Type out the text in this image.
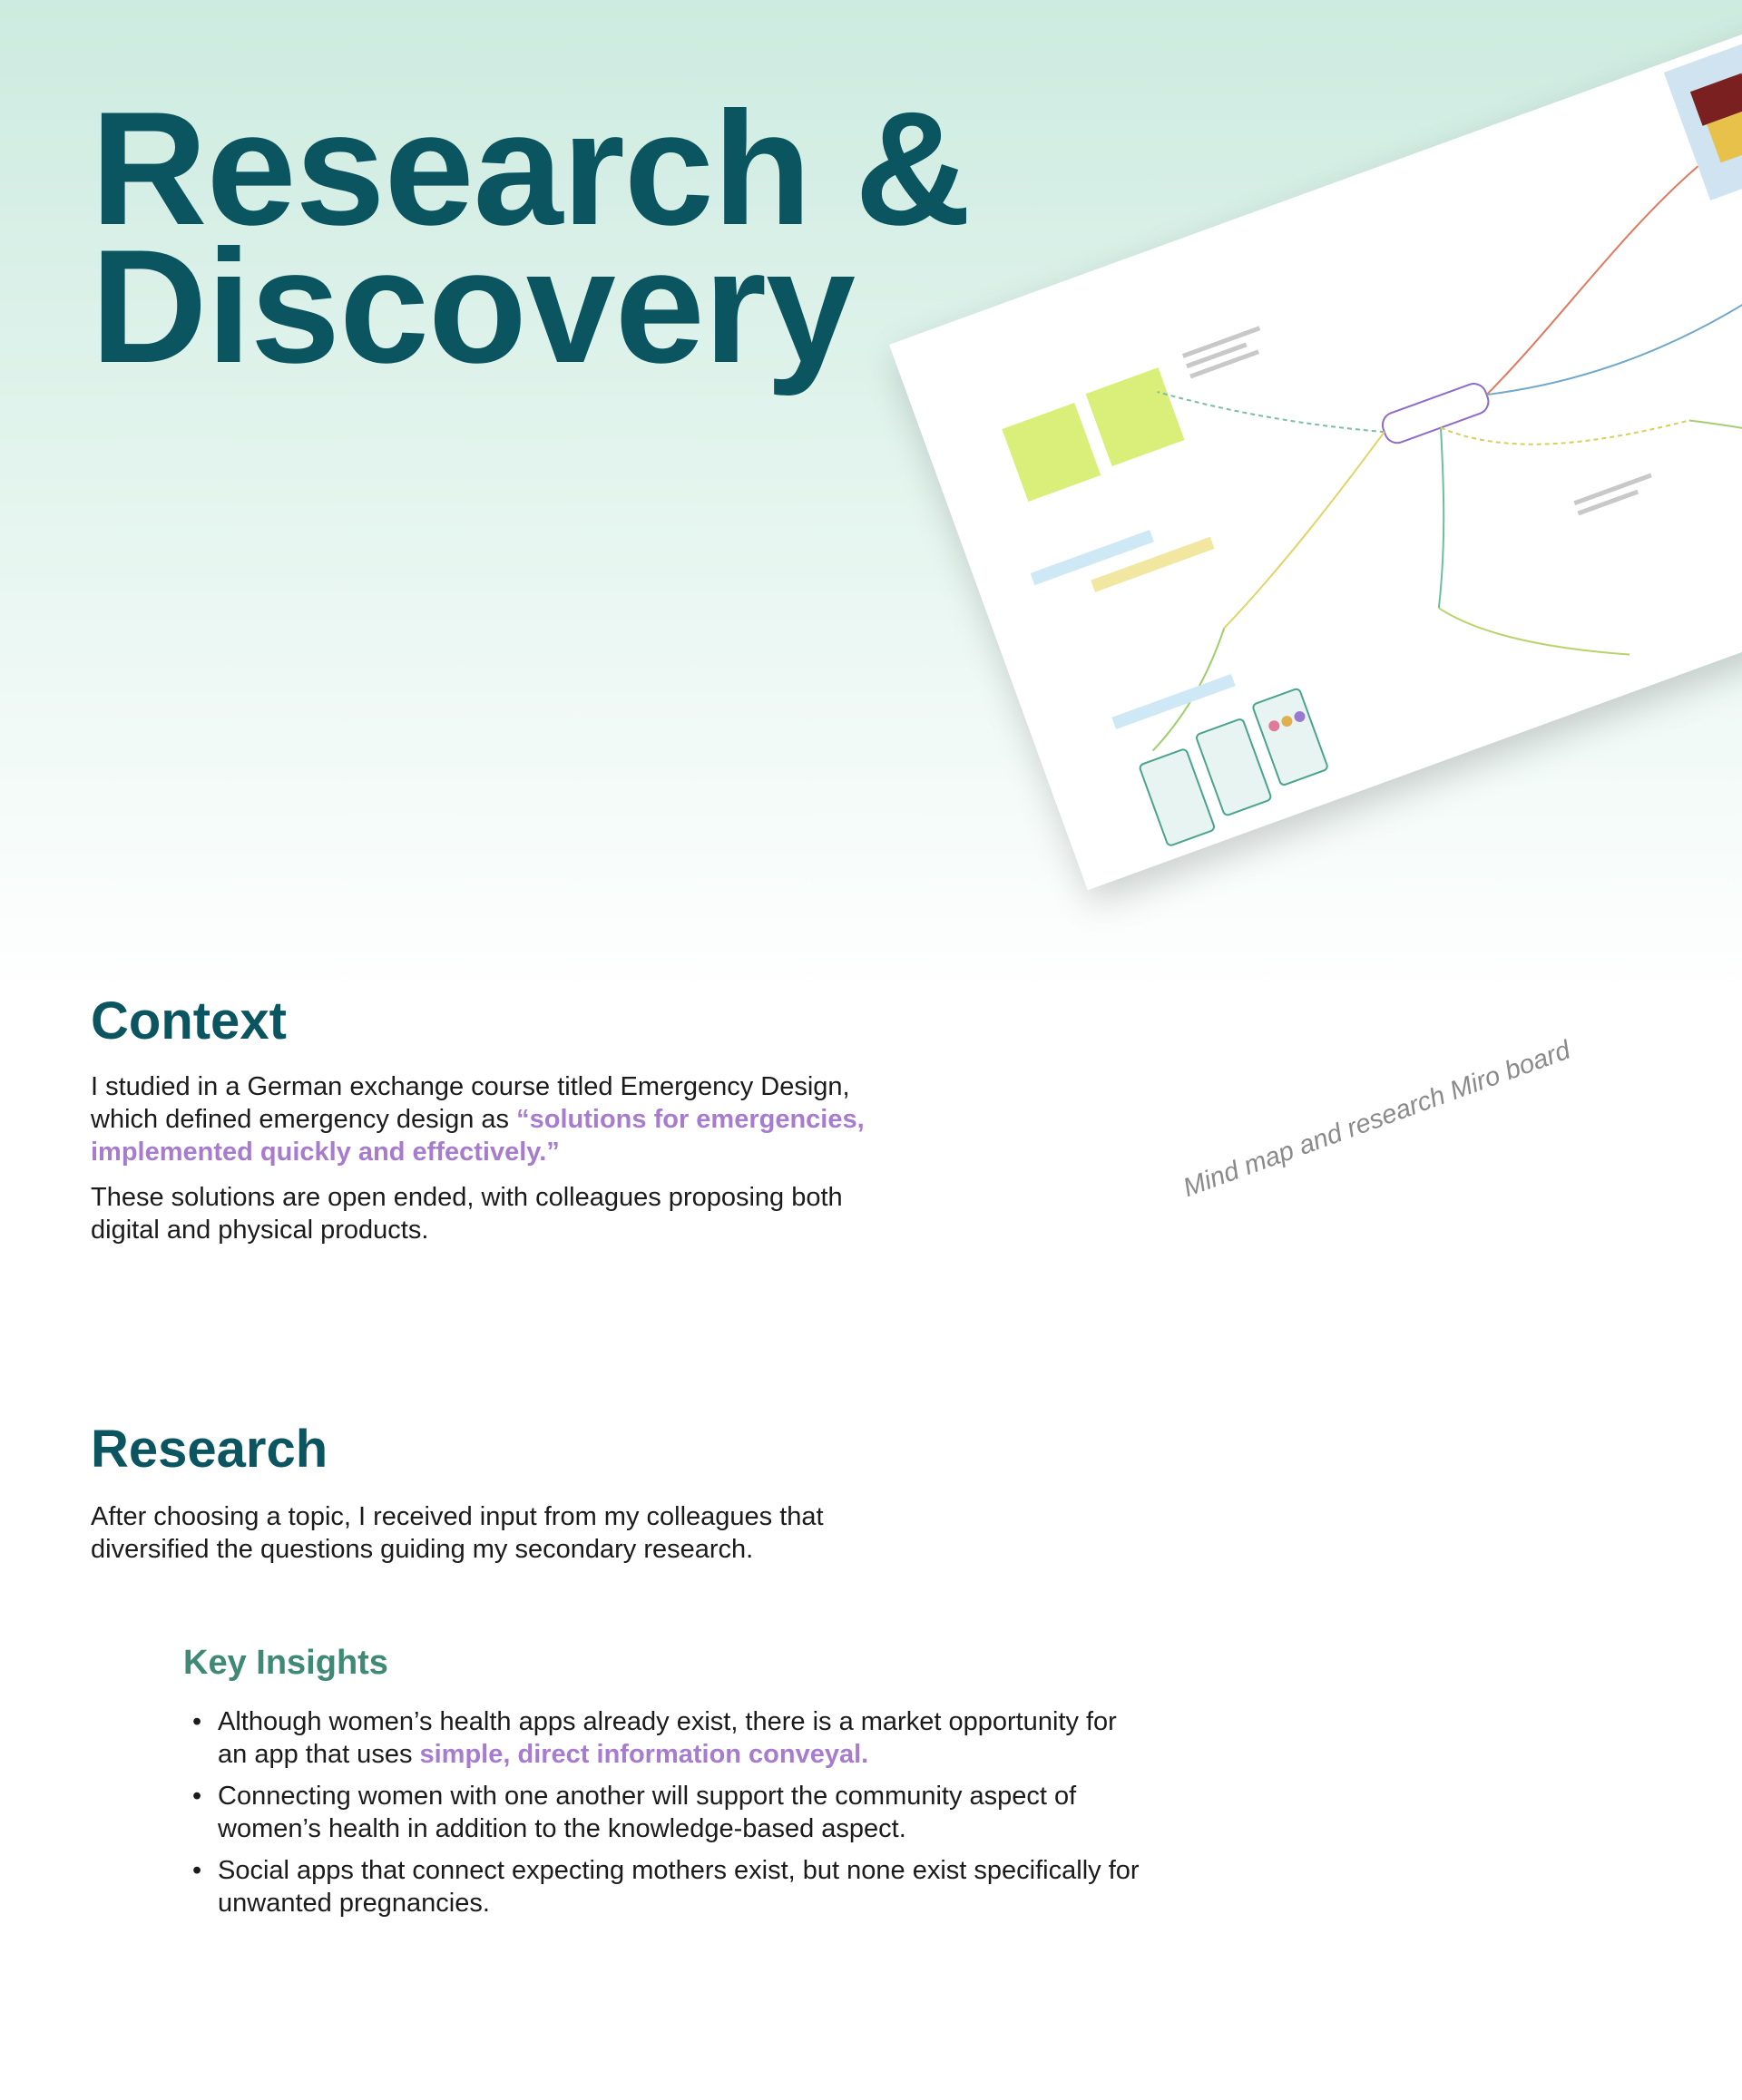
Research &
Discovery

Mind map and research Miro board

Context

I studied in a German exchange course titled Emergency Design, which defined emergency design as “solutions for emergencies, implemented quickly and effectively.”

These solutions are open ended, with colleagues proposing both digital and physical products.

Research

After choosing a topic, I received input from my colleagues that diversified the questions guiding my secondary research.

Key Insights
• Although women’s health apps already exist, there is a market opportunity for an app that uses simple, direct information conveyal.
• Connecting women with one another will support the community aspect of women’s health in addition to the knowledge-based aspect.
• Social apps that connect expecting mothers exist, but none exist specifically for unwanted pregnancies.
